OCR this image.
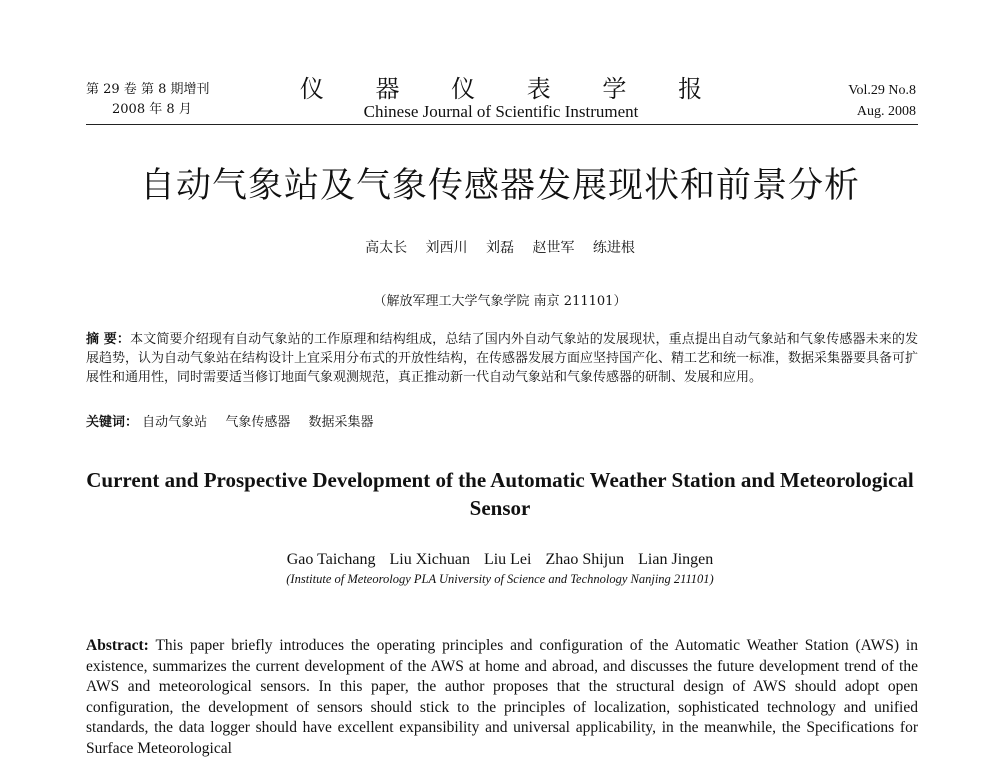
第 29 卷 第 8 期增刊
2008 年 8 月
仪 器 仪 表 学 报
Chinese Journal of Scientific Instrument
Vol.29 No.8
Aug. 2008
自动气象站及气象传感器发展现状和前景分析
高太长 刘西川 刘磊 赵世军 练进根
（解放军理工大学气象学院 南京 211101）
摘 要：本文简要介绍现有自动气象站的工作原理和结构组成，总结了国内外自动气象站的发展现状，重点提出自动气象站和气象传感器未来的发展趋势，认为自动气象站在结构设计上宜采用分布式的开放性结构，在传感器发展方面应坚持国产化、精工艺和统一标准，数据采集器要具备可扩展性和通用性，同时需要适当修订地面气象观测规范，真正推动新一代自动气象站和气象传感器的研制、发展和应用。
关键词： 自动气象站 气象传感器 数据采集器
Current and Prospective Development of the Automatic Weather Station and Meteorological Sensor
Gao Taichang Liu Xichuan Liu Lei Zhao Shijun Lian Jingen
(Institute of Meteorology PLA University of Science and Technology Nanjing 211101)
Abstract: This paper briefly introduces the operating principles and configuration of the Automatic Weather Station (AWS) in existence, summarizes the current development of the AWS at home and abroad, and discusses the future development trend of the AWS and meteorological sensors. In this paper, the author proposes that the structural design of AWS should adopt open configuration, the development of sensors should stick to the principles of localization, sophisticated technology and unified standards, the data logger should have excellent expansibility and universal applicability, in the meanwhile, the Specifications for Surface Meteorological
